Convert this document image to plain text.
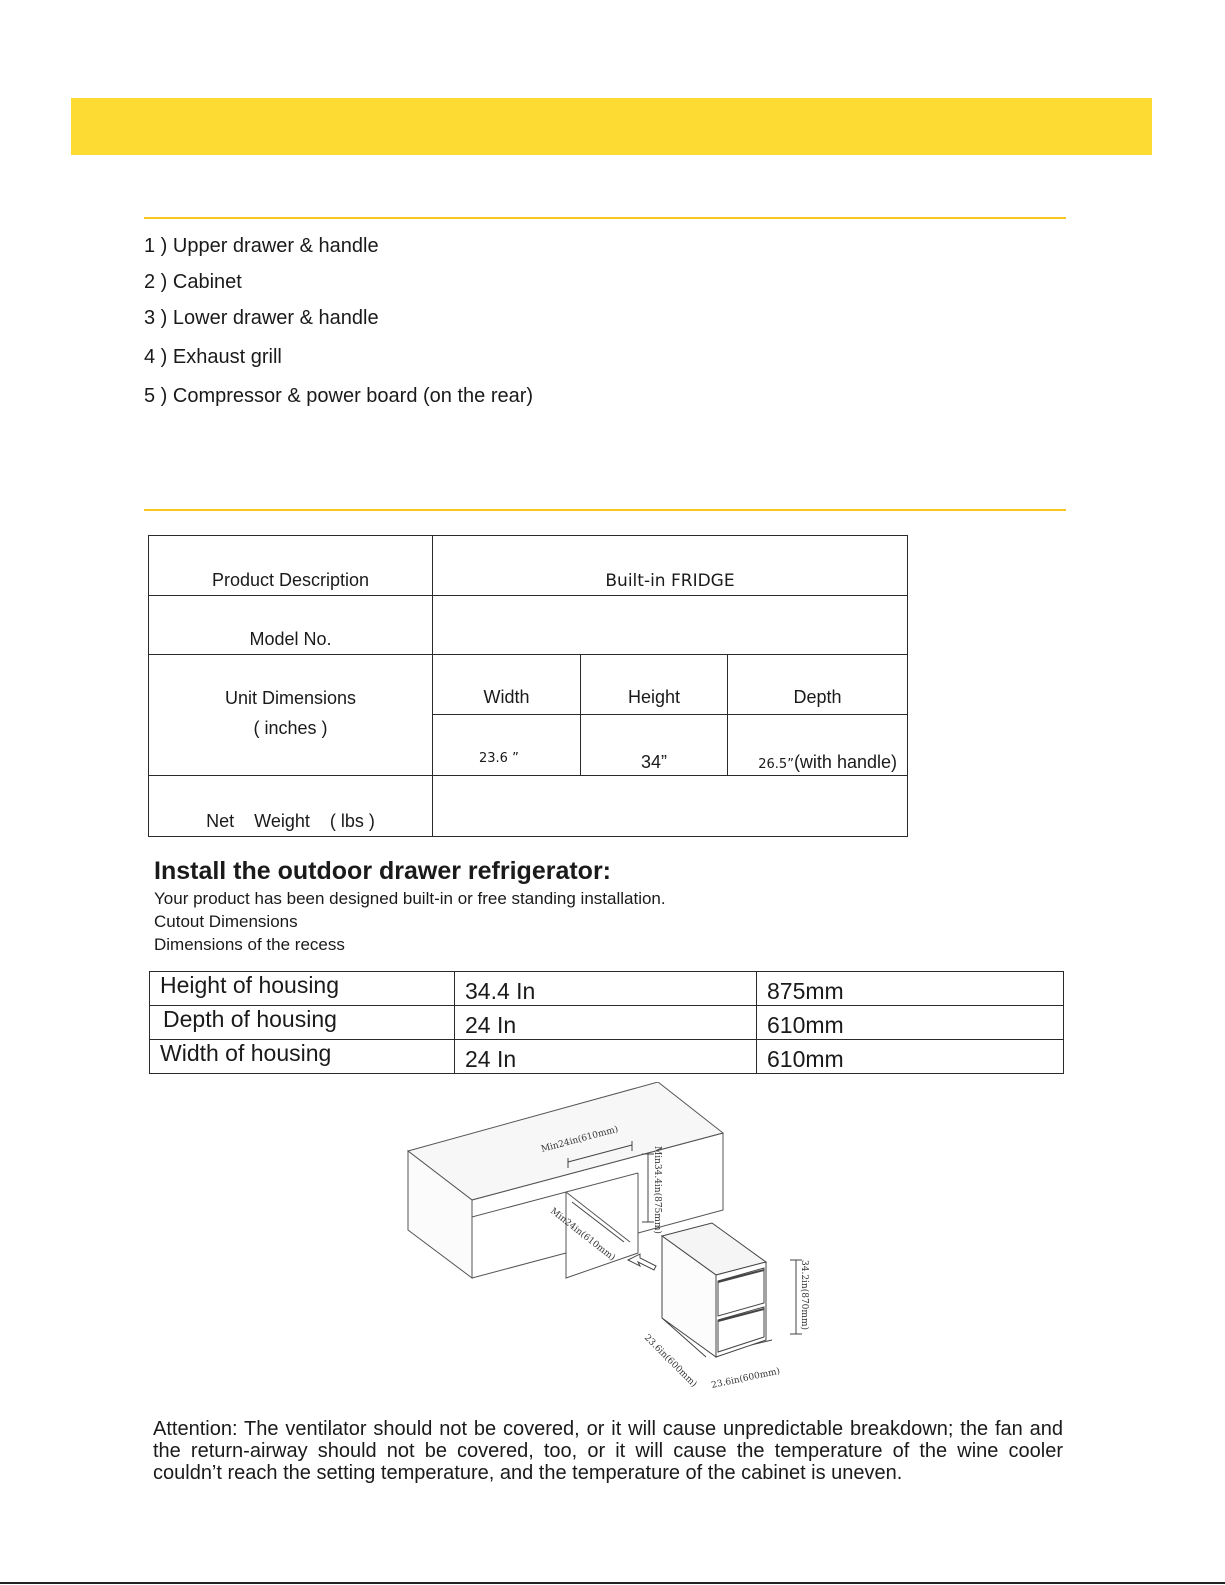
1 ) Upper drawer & handle
2 ) Cabinet
3 ) Lower drawer & handle
4 ) Exhaust grill
5 ) Compressor & power board (on the rear)
Product Description	Built-in FRIDGE		
Model No.			

Unit Dimensions
( inches )	Width	Height	Depth
	23.6 ”	34”	26.5”(with handle)
Net    Weight    ( lbs )			
Install the outdoor drawer refrigerator:
Your product has been designed built-in or free standing installation.
Cutout Dimensions
Dimensions of the recess
Height of housing	34.4 In	875mm
Depth of housing	24 In	610mm
Width of housing	24 In	610mm
Min24in(610mm)
Min34.4in(875mm)
Min24in(610mm)
34.2in(870mm)
23.6in(600mm) 23.6in(600mm)

Attention: The ventilator should not be covered, or it will cause unpredictable breakdown; the fan and the return-airway should not be covered, too, or it will cause the temperature of the wine cooler couldn’t reach the setting temperature, and the temperature of the cabinet is uneven.
